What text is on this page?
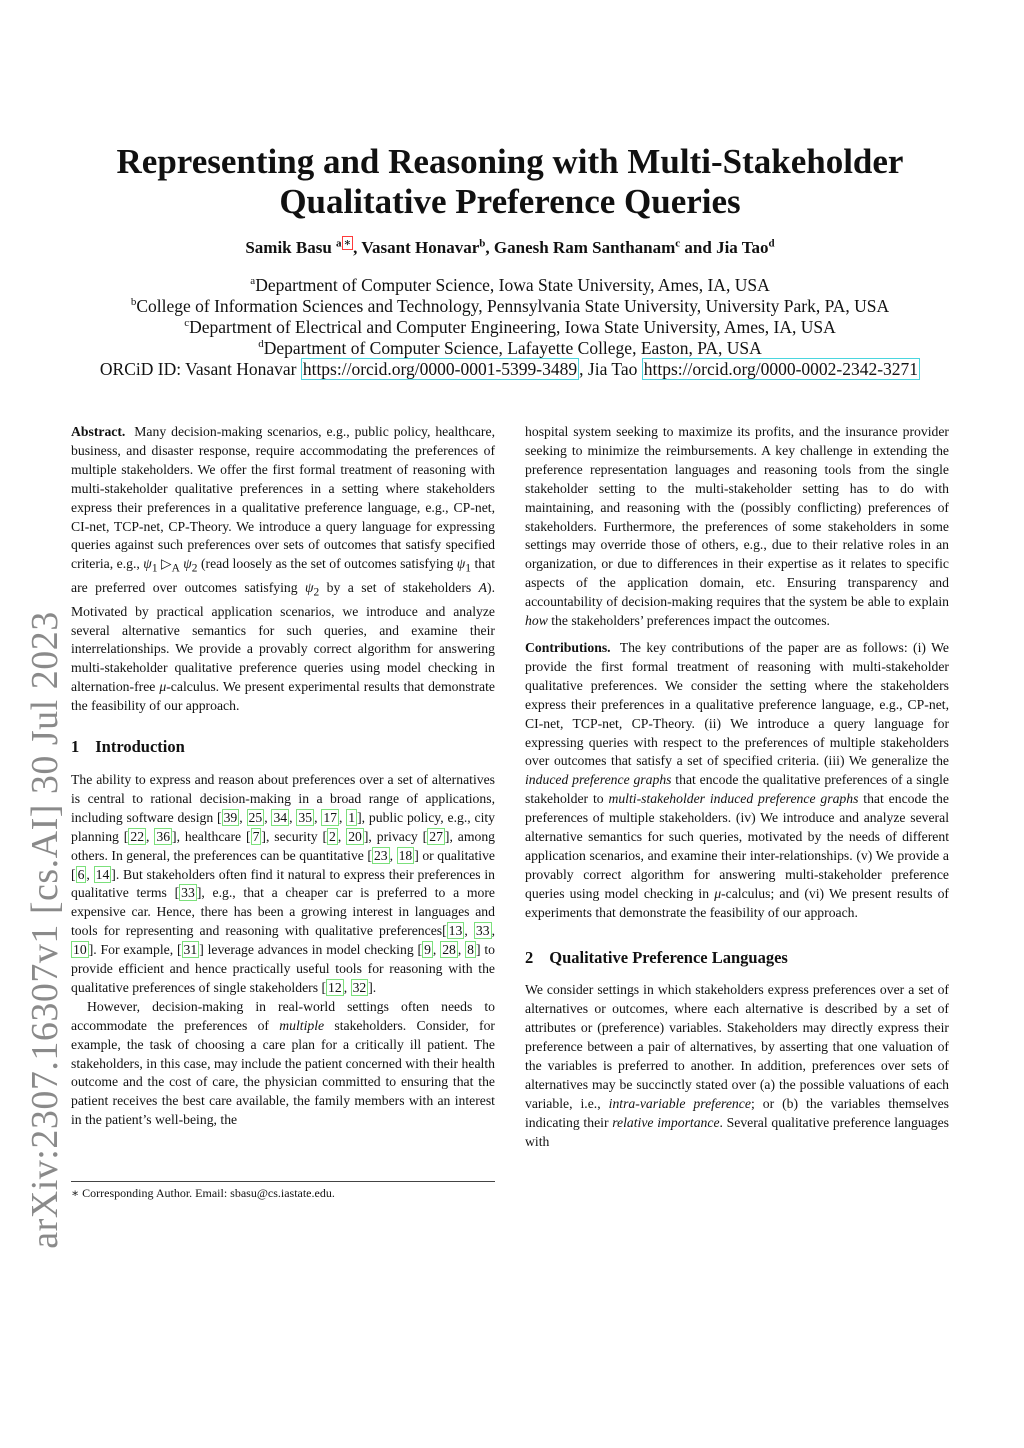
arXiv:2307.16307v1 [cs.AI] 30 Jul 2023
Representing and Reasoning with Multi-Stakeholder
Qualitative Preference Queries
Samik Basu $^a$ ∗ , Vasant Honavar$^b$, Ganesh Ram Santhanam$^c$ and Jia Tao$^d$
$^a$Department of Computer Science, Iowa State University, Ames, IA, USA
$^b$College of Information Sciences and Technology, Pennsylvania State University, University Park, PA, USA
$^c$Department of Electrical and Computer Engineering, Iowa State University, Ames, IA, USA
$^d$Department of Computer Science, Lafayette College, Easton, PA, USA
ORCiD ID: Vasant Honavar https://orcid.org/0000-0001-5399-3489 , Jia Tao https://orcid.org/0000-0002-2342-3271

Abstract. Many decision-making scenarios, e.g., public policy, healthcare, business, and disaster response, require accommodating the preferences of multiple stakeholders. We offer the first formal treatment of reasoning with multi-stakeholder qualitative preferences in a setting where stakeholders express their preferences in a qualitative preference language, e.g., CP-net, CI-net, TCP-net, CP-Theory. We introduce a query language for expressing queries against such preferences over sets of outcomes that satisfy specified criteria, e.g., $\psi_1$ $▷_A$ $\psi_2$ (read loosely as the set of outcomes satisfying $\psi_1$ that are preferred over outcomes satisfying $\psi_2$ by a set of stakeholders A). Motivated by practical application scenarios, we introduce and analyze several alternative semantics for such queries, and examine their interrelationships. We provide a provably correct algorithm for answering multi-stakeholder qualitative preference queries using model checking in alternation-free μ-calculus. We present experimental results that demonstrate the feasibility of our approach.

1 Introduction

The ability to express and reason about preferences over a set of alternatives is central to rational decision-making in a broad range of applications, including software design [ 39 , 25 , 34 , 35 , 17 , 1 ], public policy, e.g., city planning [ 22 , 36 ], healthcare [ 7 ], security [ 2 , 20 ], privacy [ 27 ], among others. In general, the preferences can be quantitative [ 23 , 18 ] or qualitative [ 6 , 14 ]. But stakeholders often find it natural to express their preferences in qualitative terms [ 33 ], e.g., that a cheaper car is preferred to a more expensive car. Hence, there has been a growing interest in languages and tools for representing and reasoning with qualitative preferences[ 13 , 33 , 10 ]. For example, [ 31 ] leverage advances in model checking [ 9 , 28 , 8 ] to provide efficient and hence practically useful tools for reasoning with the qualitative preferences of single stakeholders [ 12 , 32 ].

However, decision-making in real-world settings often needs to accommodate the preferences of multiple stakeholders. Consider, for example, the task of choosing a care plan for a critically ill patient. The stakeholders, in this case, may include the patient concerned with their health outcome and the cost of care, the physician committed to ensuring that the patient receives the best care available, the family members with an interest in the patient’s well-being, the

∗ Corresponding Author. Email: sbasu@cs.iastate.edu.

hospital system seeking to maximize its profits, and the insurance provider seeking to minimize the reimbursements. A key challenge in extending the preference representation languages and reasoning tools from the single stakeholder setting to the multi-stakeholder setting has to do with maintaining, and reasoning with the (possibly conflicting) preferences of stakeholders. Furthermore, the preferences of some stakeholders in some settings may override those of others, e.g., due to their relative roles in an organization, or due to differences in their expertise as it relates to specific aspects of the application domain, etc. Ensuring transparency and accountability of decision-making requires that the system be able to explain how the stakeholders’ preferences impact the outcomes.

Contributions. The key contributions of the paper are as follows: (i) We provide the first formal treatment of reasoning with multi-stakeholder qualitative preferences. We consider the setting where the stakeholders express their preferences in a qualitative preference language, e.g., CP-net, CI-net, TCP-net, CP-Theory. (ii) We introduce a query language for expressing queries with respect to the preferences of multiple stakeholders over outcomes that satisfy a set of specified criteria. (iii) We generalize the induced preference graphs that encode the qualitative preferences of a single stakeholder to multi-stakeholder induced preference graphs that encode the preferences of multiple stakeholders. (iv) We introduce and analyze several alternative semantics for such queries, motivated by the needs of different application scenarios, and examine their inter-relationships. (v) We provide a provably correct algorithm for answering multi-stakeholder preference queries using model checking in μ-calculus; and (vi) We present results of experiments that demonstrate the feasibility of our approach.

2 Qualitative Preference Languages

We consider settings in which stakeholders express preferences over a set of alternatives or outcomes, where each alternative is described by a set of attributes or (preference) variables. Stakeholders may directly express their preference between a pair of alternatives, by asserting that one valuation of the variables is preferred to another. In addition, preferences over sets of alternatives may be succinctly stated over (a) the possible valuations of each variable, i.e., intra-variable preference; or (b) the variables themselves indicating their relative importance. Several qualitative preference languages with
